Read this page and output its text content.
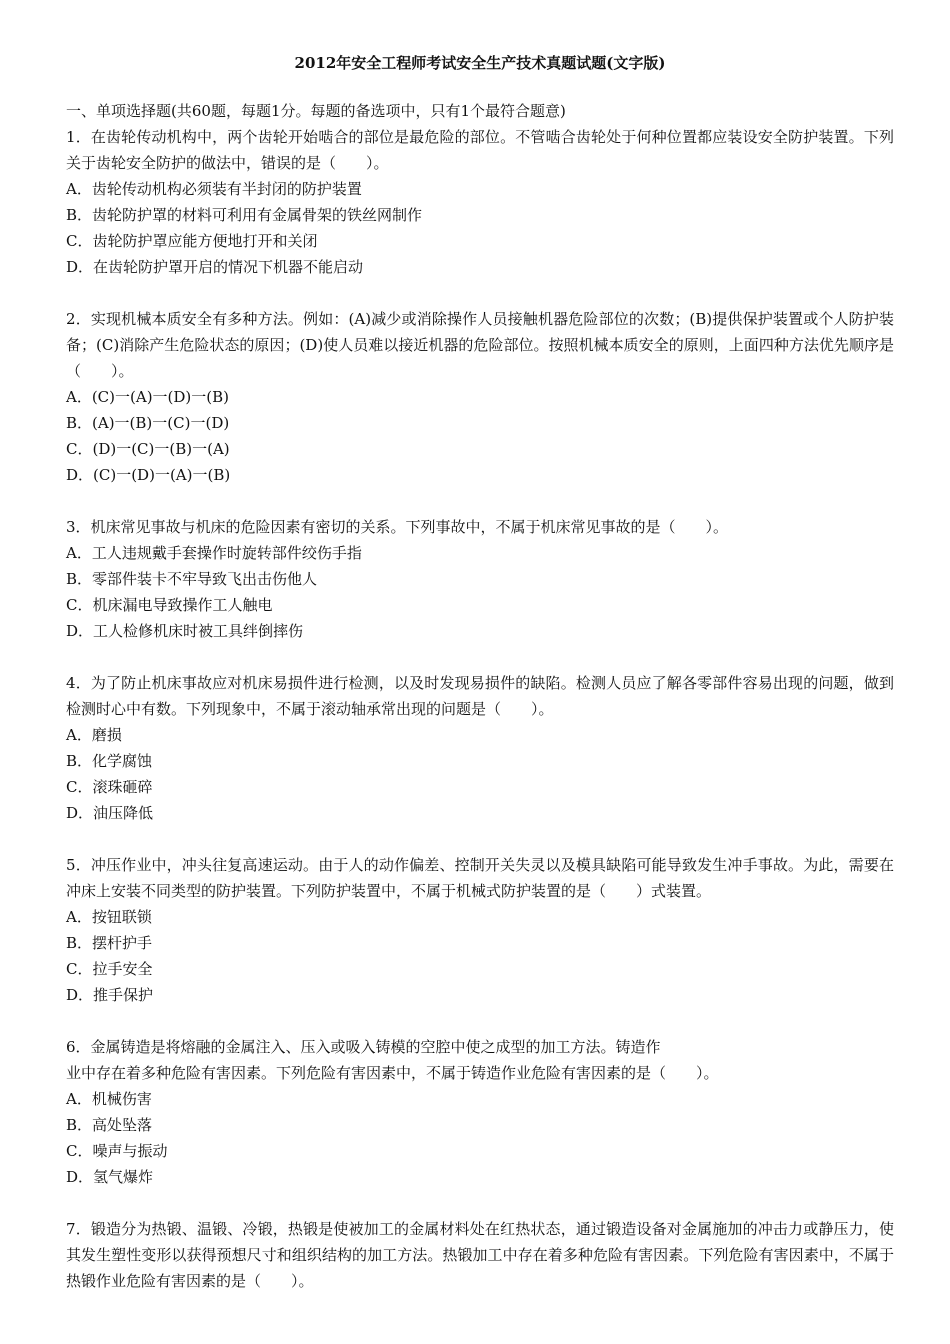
2012年安全工程师考试安全生产技术真题试题(文字版)

一、单项选择题(共60题，每题1分。每题的备选项中，只有1个最符合题意)

1．在齿轮传动机构中，两个齿轮开始啮合的部位是最危险的部位。不管啮合齿轮处于何种位置都应装设安全防护装置。下列关于齿轮安全防护的做法中，错误的是（　　）。

A．齿轮传动机构必须装有半封闭的防护装置

B．齿轮防护罩的材料可利用有金属骨架的铁丝网制作

C．齿轮防护罩应能方便地打开和关闭

D．在齿轮防护罩开启的情况下机器不能启动

2．实现机械本质安全有多种方法。例如：(A)减少或消除操作人员接触机器危险部位的次数；(B)提供保护装置或个人防护装备；(C)消除产生危险状态的原因；(D)使人员难以接近机器的危险部位。按照机械本质安全的原则，上面四种方法优先顺序是（　　）。

A．(C)一(A)一(D)一(B)

B．(A)一(B)一(C)一(D)

C．(D)一(C)一(B)一(A)

D．(C)一(D)一(A)一(B)

3．机床常见事故与机床的危险因素有密切的关系。下列事故中，不属于机床常见事故的是（　　）。

A．工人违规戴手套操作时旋转部件绞伤手指

B．零部件装卡不牢导致飞出击伤他人

C．机床漏电导致操作工人触电

D．工人检修机床时被工具绊倒摔伤

4．为了防止机床事故应对机床易损件进行检测，以及时发现易损件的缺陷。检测人员应了解各零部件容易出现的问题，做到检测时心中有数。下列现象中，不属于滚动轴承常出现的问题是（　　）。

A．磨损

B．化学腐蚀

C．滚珠砸碎

D．油压降低

5．冲压作业中，冲头往复高速运动。由于人的动作偏差、控制开关失灵以及模具缺陷可能导致发生冲手事故。为此，需要在冲床上安装不同类型的防护装置。下列防护装置中，不属于机械式防护装置的是（　　）式装置。

A．按钮联锁

B．摆杆护手

C．拉手安全

D．推手保护

6．金属铸造是将熔融的金属注入、压入或吸入铸模的空腔中使之成型的加工方法。铸造作

业中存在着多种危险有害因素。下列危险有害因素中，不属于铸造作业危险有害因素的是（　　）。

A．机械伤害

B．高处坠落

C．噪声与振动

D．氢气爆炸

7．锻造分为热锻、温锻、冷锻，热锻是使被加工的金属材料处在红热状态，通过锻造设备对金属施加的冲击力或静压力，使其发生塑性变形以获得预想尺寸和组织结构的加工方法。热锻加工中存在着多种危险有害因素。下列危险有害因素中，不属于热锻作业危险有害因素的是（　　）。
